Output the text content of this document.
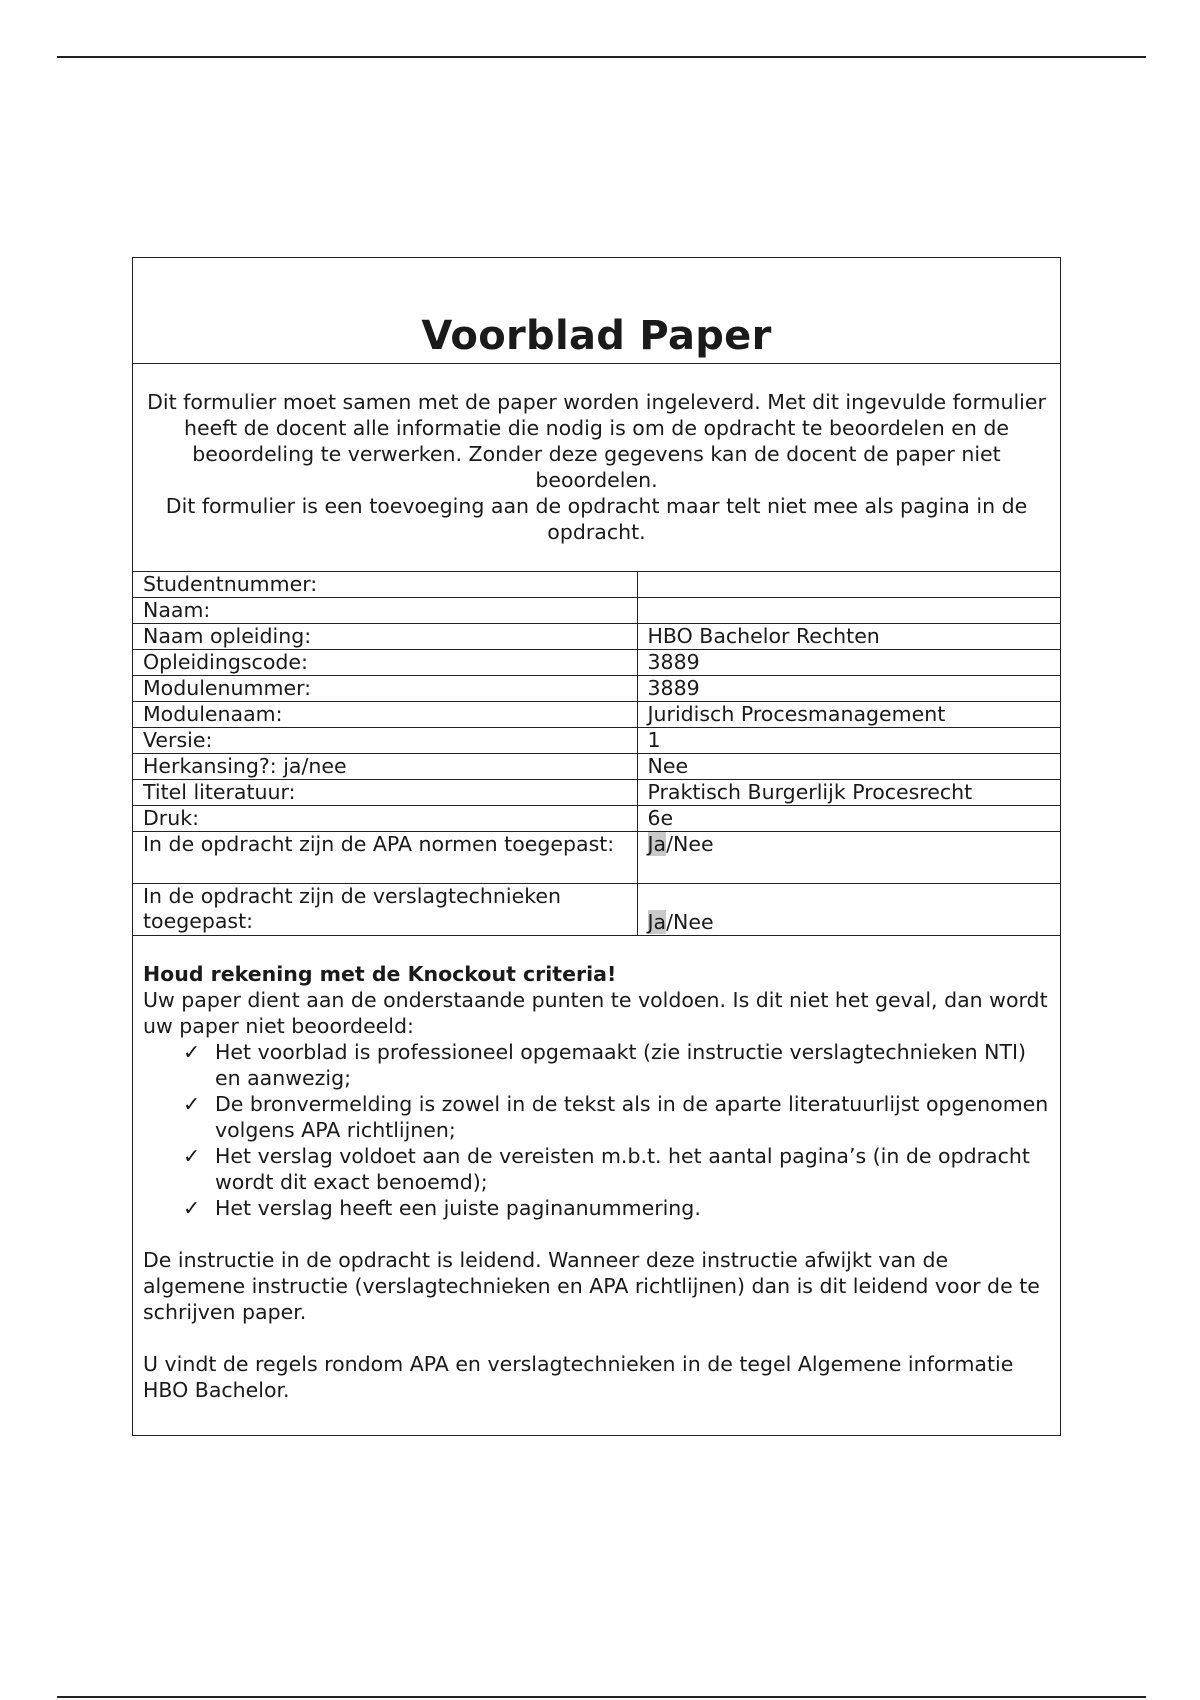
Voorblad Paper

Dit formulier moet samen met de paper worden ingeleverd. Met dit ingevulde formulier heeft de docent alle informatie die nodig is om de opdracht te beoordelen en de beoordeling te verwerken. Zonder deze gegevens kan de docent de paper niet beoordelen.

Dit formulier is een toevoeging aan de opdracht maar telt niet mee als pagina in de opdracht.

Studentnummer:	
Naam:	
Naam opleiding:	HBO Bachelor Rechten
Opleidingscode:	3889
Modulenummer:	3889
Modulenaam:	Juridisch Procesmanagement
Versie:	1
Herkansing?: ja/nee	Nee
Titel literatuur:	Praktisch Burgerlijk Procesrecht
Druk:	6e
In de opdracht zijn de APA normen toegepast:	Ja/Nee
In de opdracht zijn de verslagtechnieken toegepast:	Ja/Nee

Houd rekening met de Knockout criteria!

Uw paper dient aan de onderstaande punten te voldoen. Is dit niet het geval, dan wordt uw paper niet beoordeeld:

✓ Het voorblad is professioneel opgemaakt (zie instructie verslagtechnieken NTI) en aanwezig;
✓ De bronvermelding is zowel in de tekst als in de aparte literatuurlijst opgenomen volgens APA richtlijnen;
✓ Het verslag voldoet aan de vereisten m.b.t. het aantal pagina’s (in de opdracht wordt dit exact benoemd);
✓ Het verslag heeft een juiste paginanummering.

De instructie in de opdracht is leidend. Wanneer deze instructie afwijkt van de algemene instructie (verslagtechnieken en APA richtlijnen) dan is dit leidend voor de te schrijven paper.

U vindt de regels rondom APA en verslagtechnieken in de tegel Algemene informatie HBO Bachelor.
